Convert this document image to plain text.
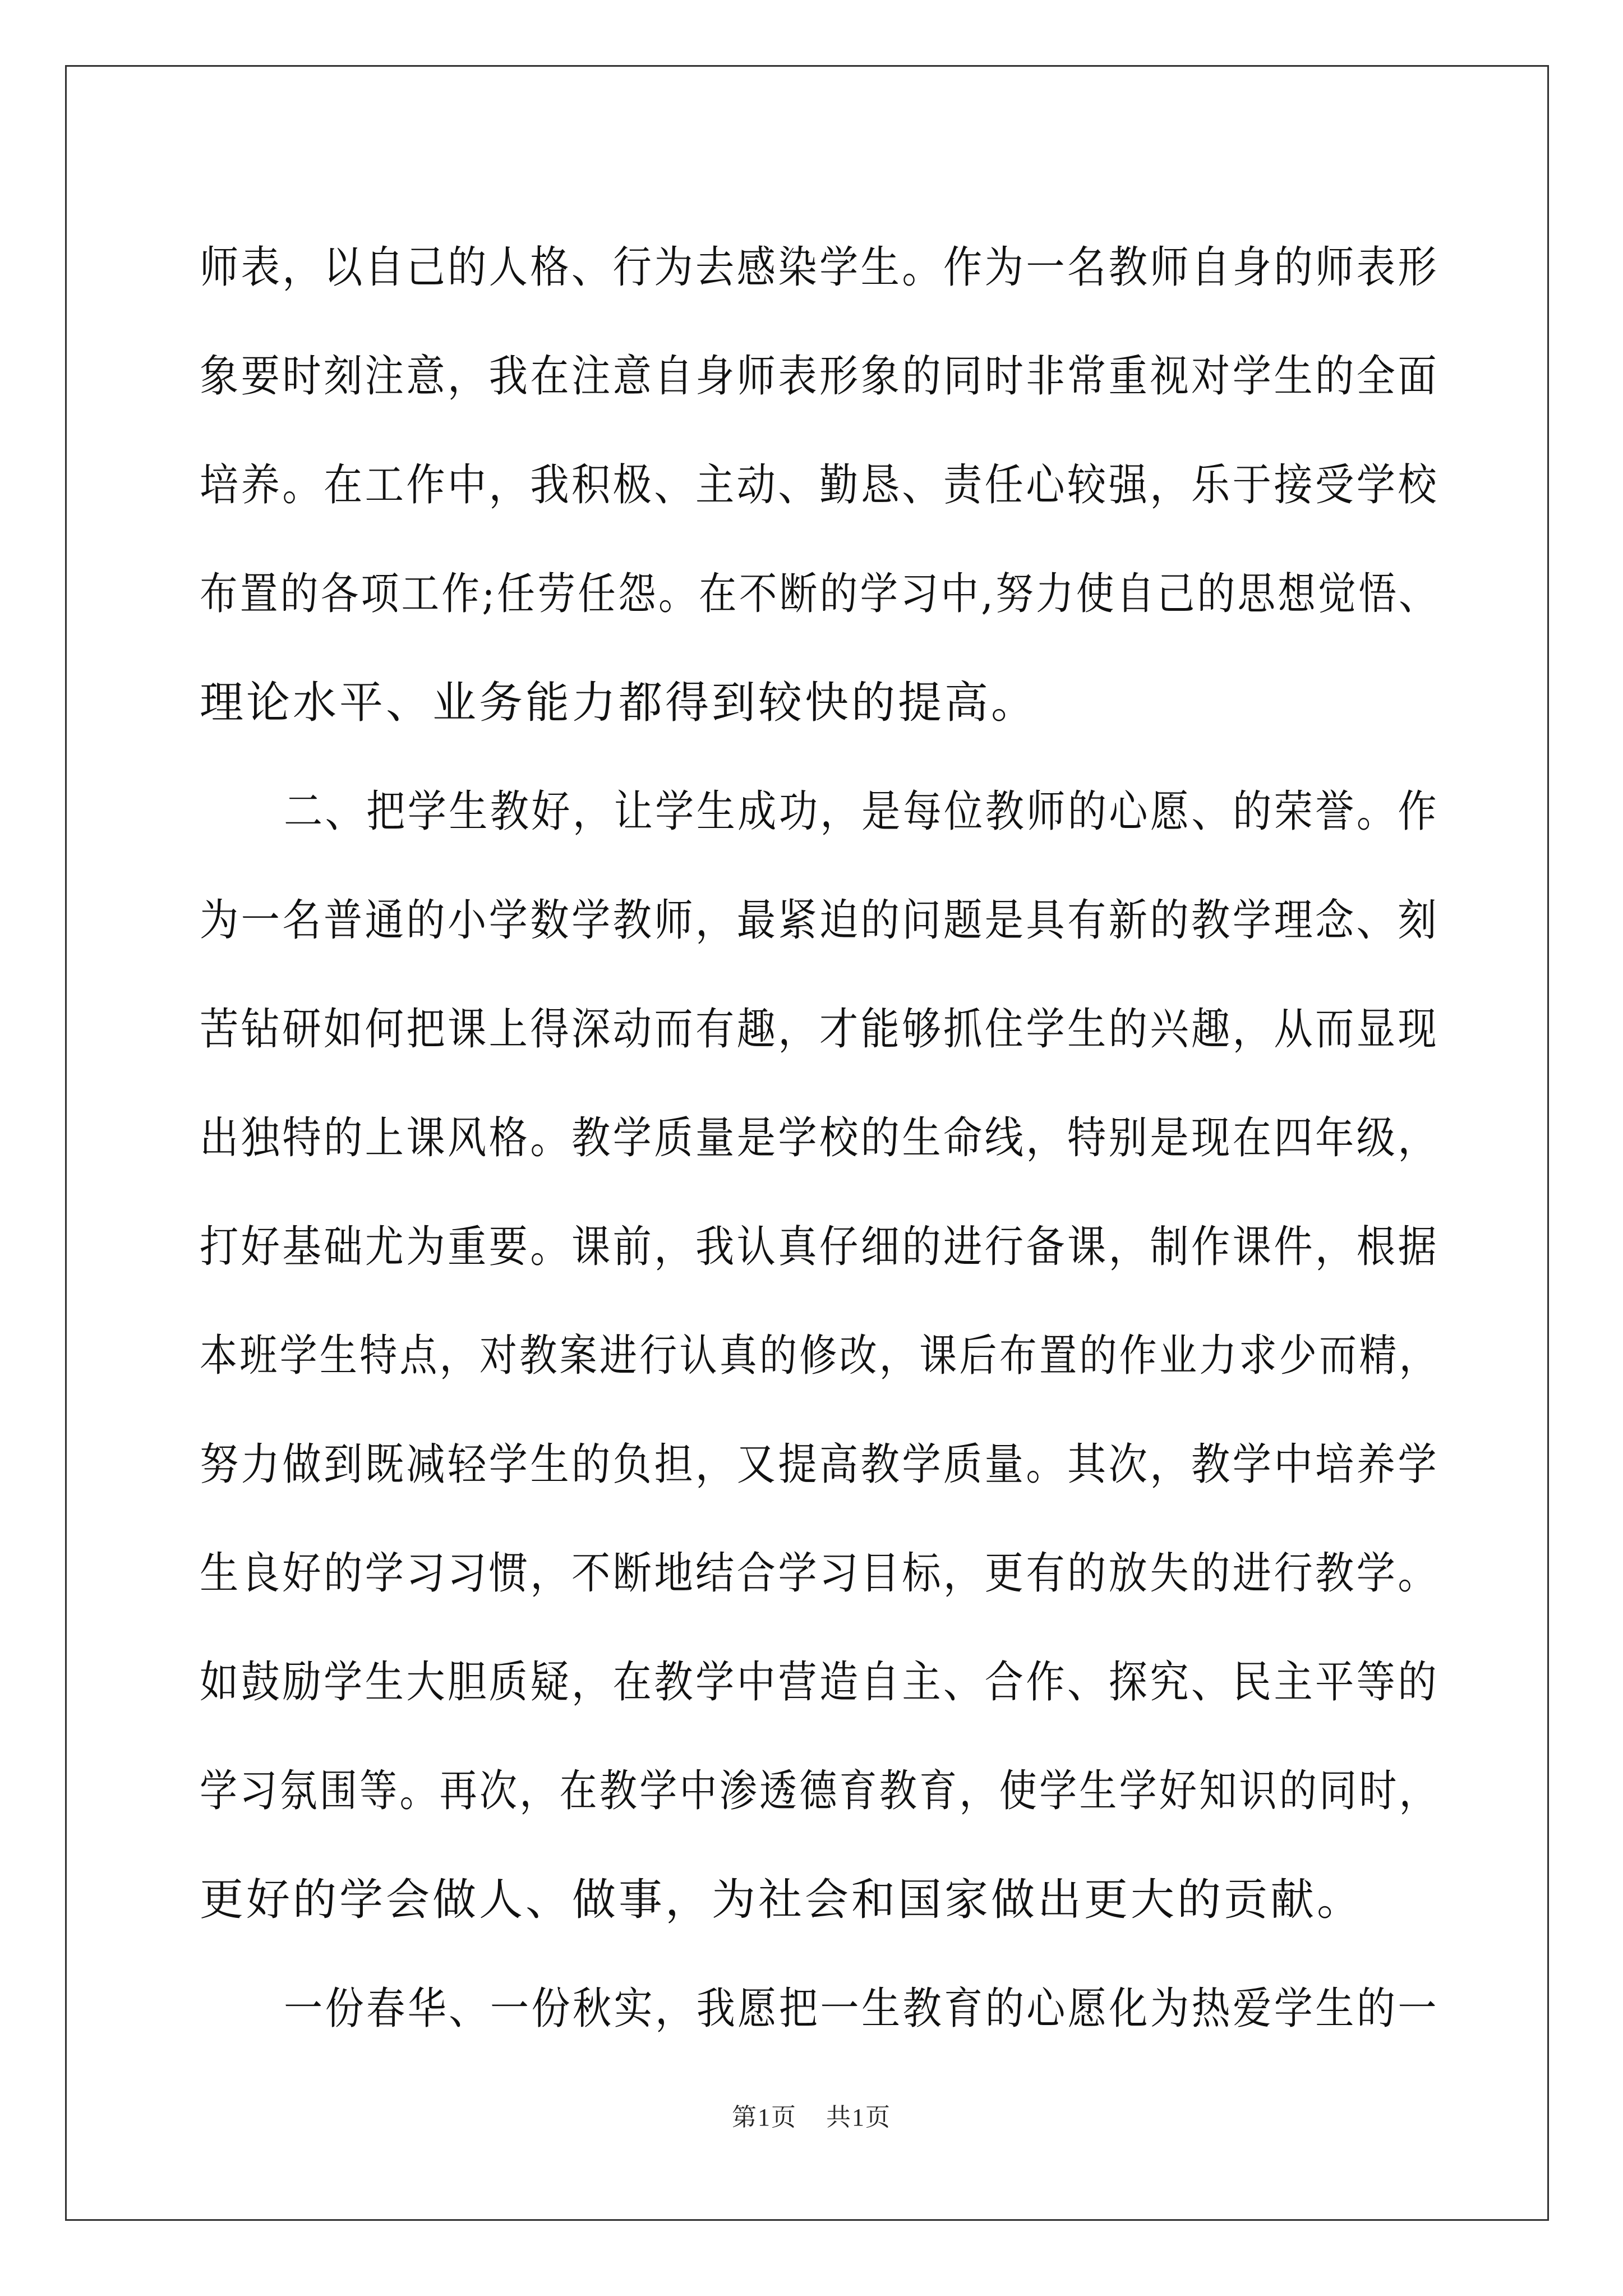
师表，以自己的人格、行为去感染学生。作为一名教师自身的师表形
象要时刻注意，我在注意自身师表形象的同时非常重视对学生的全面
培养。在工作中，我积极、主动、勤恳、责任心较强，乐于接受学校
布置的各项工作;任劳任怨。在不断的学习中,努力使自己的思想觉悟、
理论水平、业务能力都得到较快的提高。
二、把学生教好，让学生成功，是每位教师的心愿、的荣誉。作
为一名普通的小学数学教师，最紧迫的问题是具有新的教学理念、刻
苦钻研如何把课上得深动而有趣，才能够抓住学生的兴趣，从而显现
出独特的上课风格。教学质量是学校的生命线，特别是现在四年级，
打好基础尤为重要。课前，我认真仔细的进行备课，制作课件，根据
本班学生特点，对教案进行认真的修改，课后布置的作业力求少而精，
努力做到既减轻学生的负担，又提高教学质量。其次，教学中培养学
生良好的学习习惯，不断地结合学习目标，更有的放失的进行教学。
如鼓励学生大胆质疑，在教学中营造自主、合作、探究、民主平等的
学习氛围等。再次，在教学中渗透德育教育，使学生学好知识的同时，
更好的学会做人、做事，为社会和国家做出更大的贡献。
一份春华、一份秋实，我愿把一生教育的心愿化为热爱学生的一
第1页 共1页
